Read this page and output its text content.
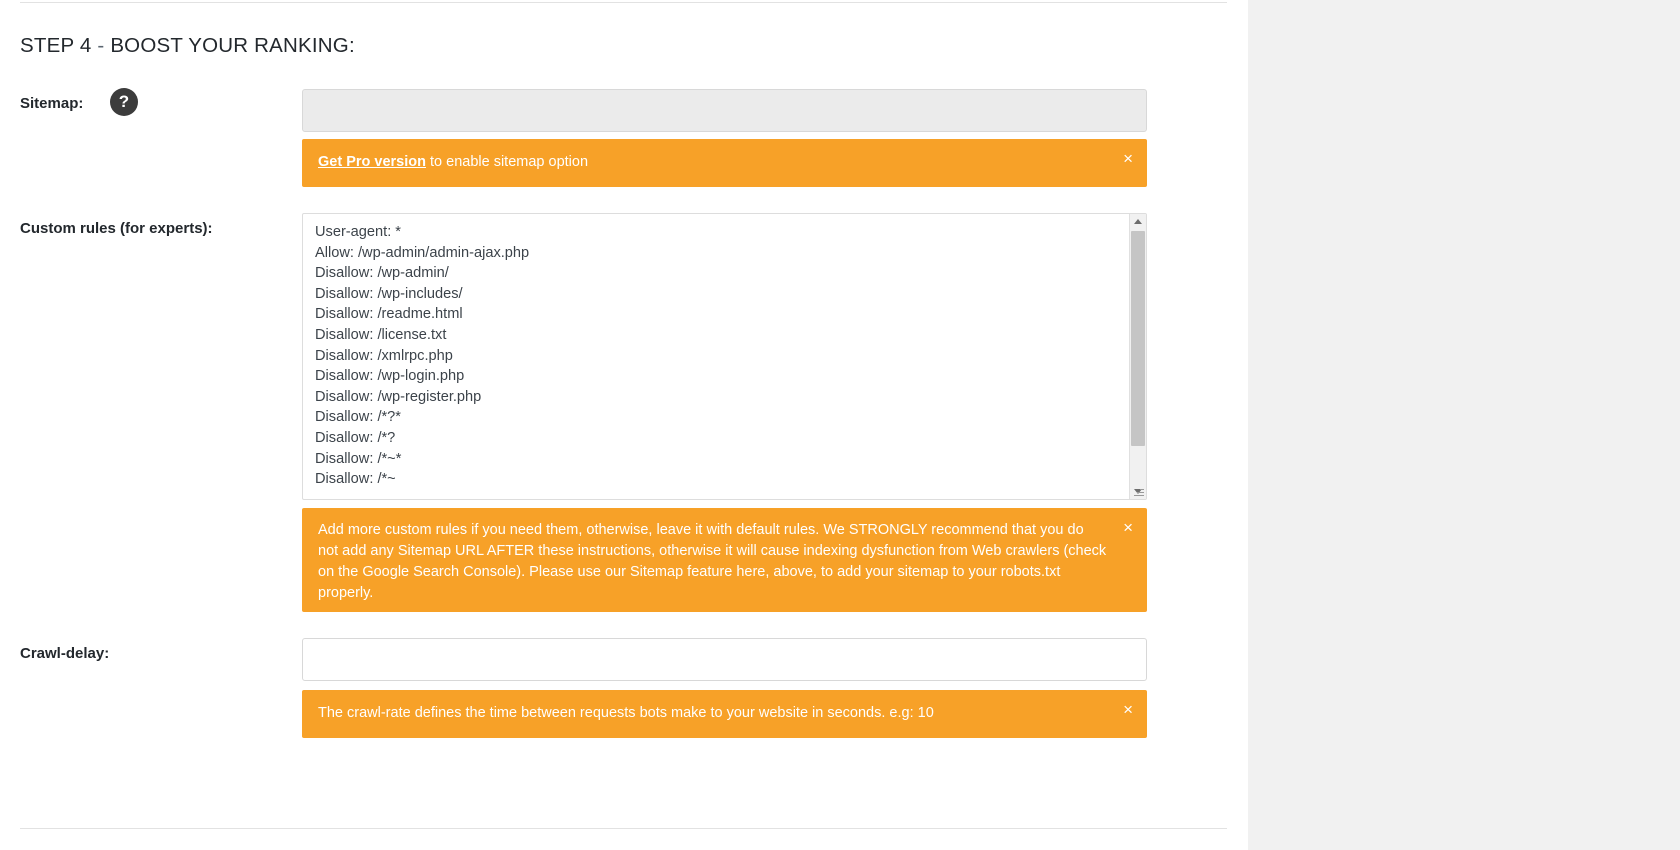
STEP 4 - BOOST YOUR RANKING:
Sitemap:	?
Get Pro version to enable sitemap option	×
Custom rules (for experts):
User-agent: * Allow: /wp-admin/admin-ajax.php Disallow: /wp-admin/ Disallow: /wp-includes/ Disallow: /readme.html Disallow: /license.txt Disallow: /xmlrpc.php Disallow: /wp-login.php Disallow: /wp-register.php Disallow: /*?* Disallow: /*? Disallow: /*~* Disallow: /*~
Add more custom rules if you need them, otherwise, leave it with default rules. We STRONGLY recommend that you do not add any Sitemap URL AFTER these instructions, otherwise it will cause indexing dysfunction from Web crawlers (check on the Google Search Console). Please use our Sitemap feature here, above, to add your sitemap to your robots.txt properly.
×
Crawl-delay:
The crawl-rate defines the time between requests bots make to your website in seconds. e.g: 10	×
